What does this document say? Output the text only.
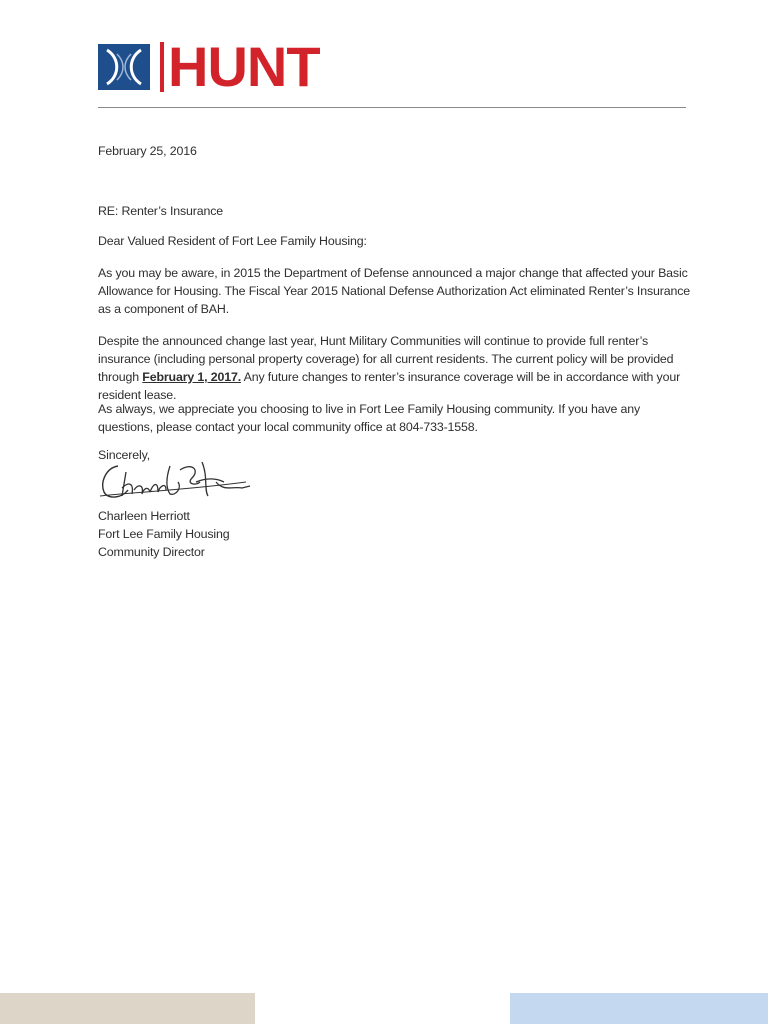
HUNT
February 25, 2016
RE: Renter’s Insurance
Dear Valued Resident of Fort Lee Family Housing:
As you may be aware, in 2015 the Department of Defense announced a major change that affected your Basic Allowance for Housing. The Fiscal Year 2015 National Defense Authorization Act eliminated Renter’s Insurance as a component of BAH.
Despite the announced change last year, Hunt Military Communities will continue to provide full renter’s insurance (including personal property coverage) for all current residents. The current policy will be provided through February 1, 2017. Any future changes to renter’s insurance coverage will be in accordance with your resident lease.
As always, we appreciate you choosing to live in Fort Lee Family Housing community. If you have any questions, please contact your local community office at 804-733-1558.
Sincerely,
Charleen Herriott
Fort Lee Family Housing
Community Director
